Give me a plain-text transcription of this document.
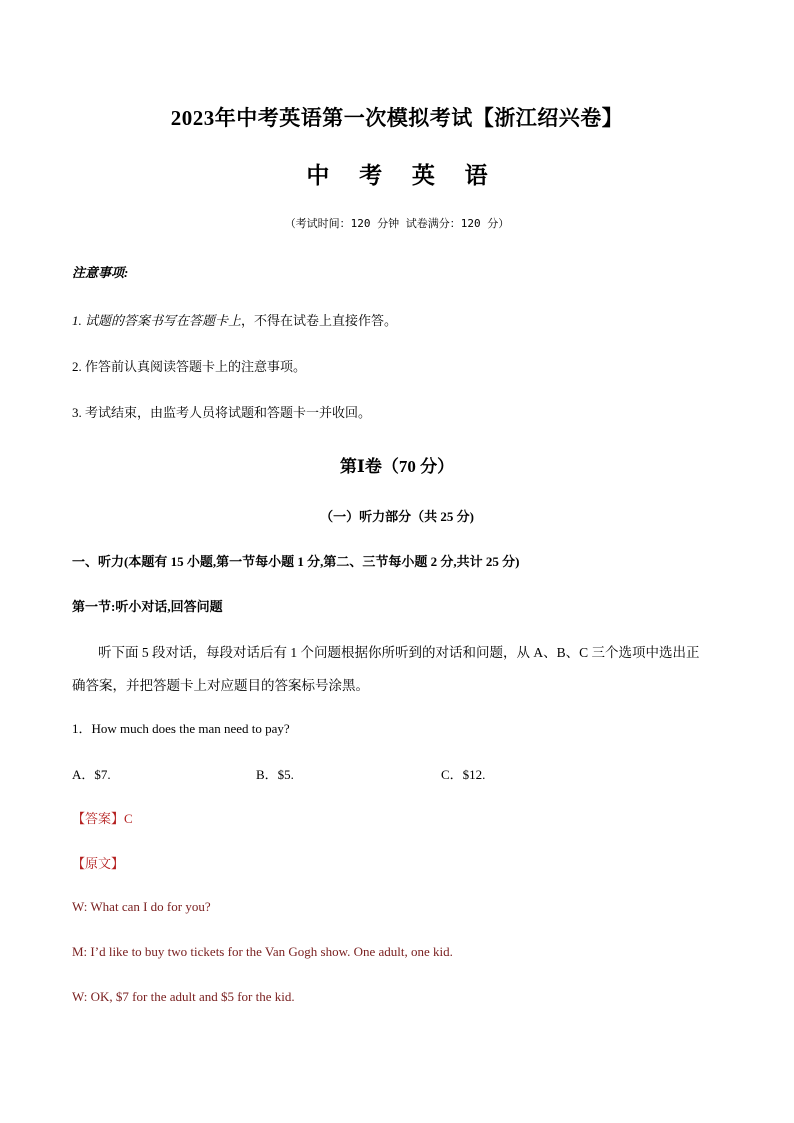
2023年中考英语第一次模拟考试【浙江绍兴卷】
中 考 英 语
（考试时间：120 分钟 试卷满分：120 分）
注意事项:
1. 试题的答案书写在答题卡上，不得在试卷上直接作答。
2. 作答前认真阅读答题卡上的注意事项。
3. 考试结束，由监考人员将试题和答题卡一并收回。
第Ⅰ卷（70 分）
（一）听力部分（共 25 分)
一、听力(本题有 15 小题,第一节每小题 1 分,第二、三节每小题 2 分,共计 25 分)
第一节:听小对话,回答问题
听下面 5 段对话，每段对话后有 1 个问题根据你所听到的对话和问题，从 A、B、C 三个选项中选出正
确答案，并把答题卡上对应题目的答案标号涂黑。
1．How much does the man need to pay?
A．$7.	B．$5.	C．$12.
【答案】C
【原文】
W: What can I do for you?
M: I’d like to buy two tickets for the Van Gogh show. One adult, one kid.
W: OK, $7 for the adult and $5 for the kid.
